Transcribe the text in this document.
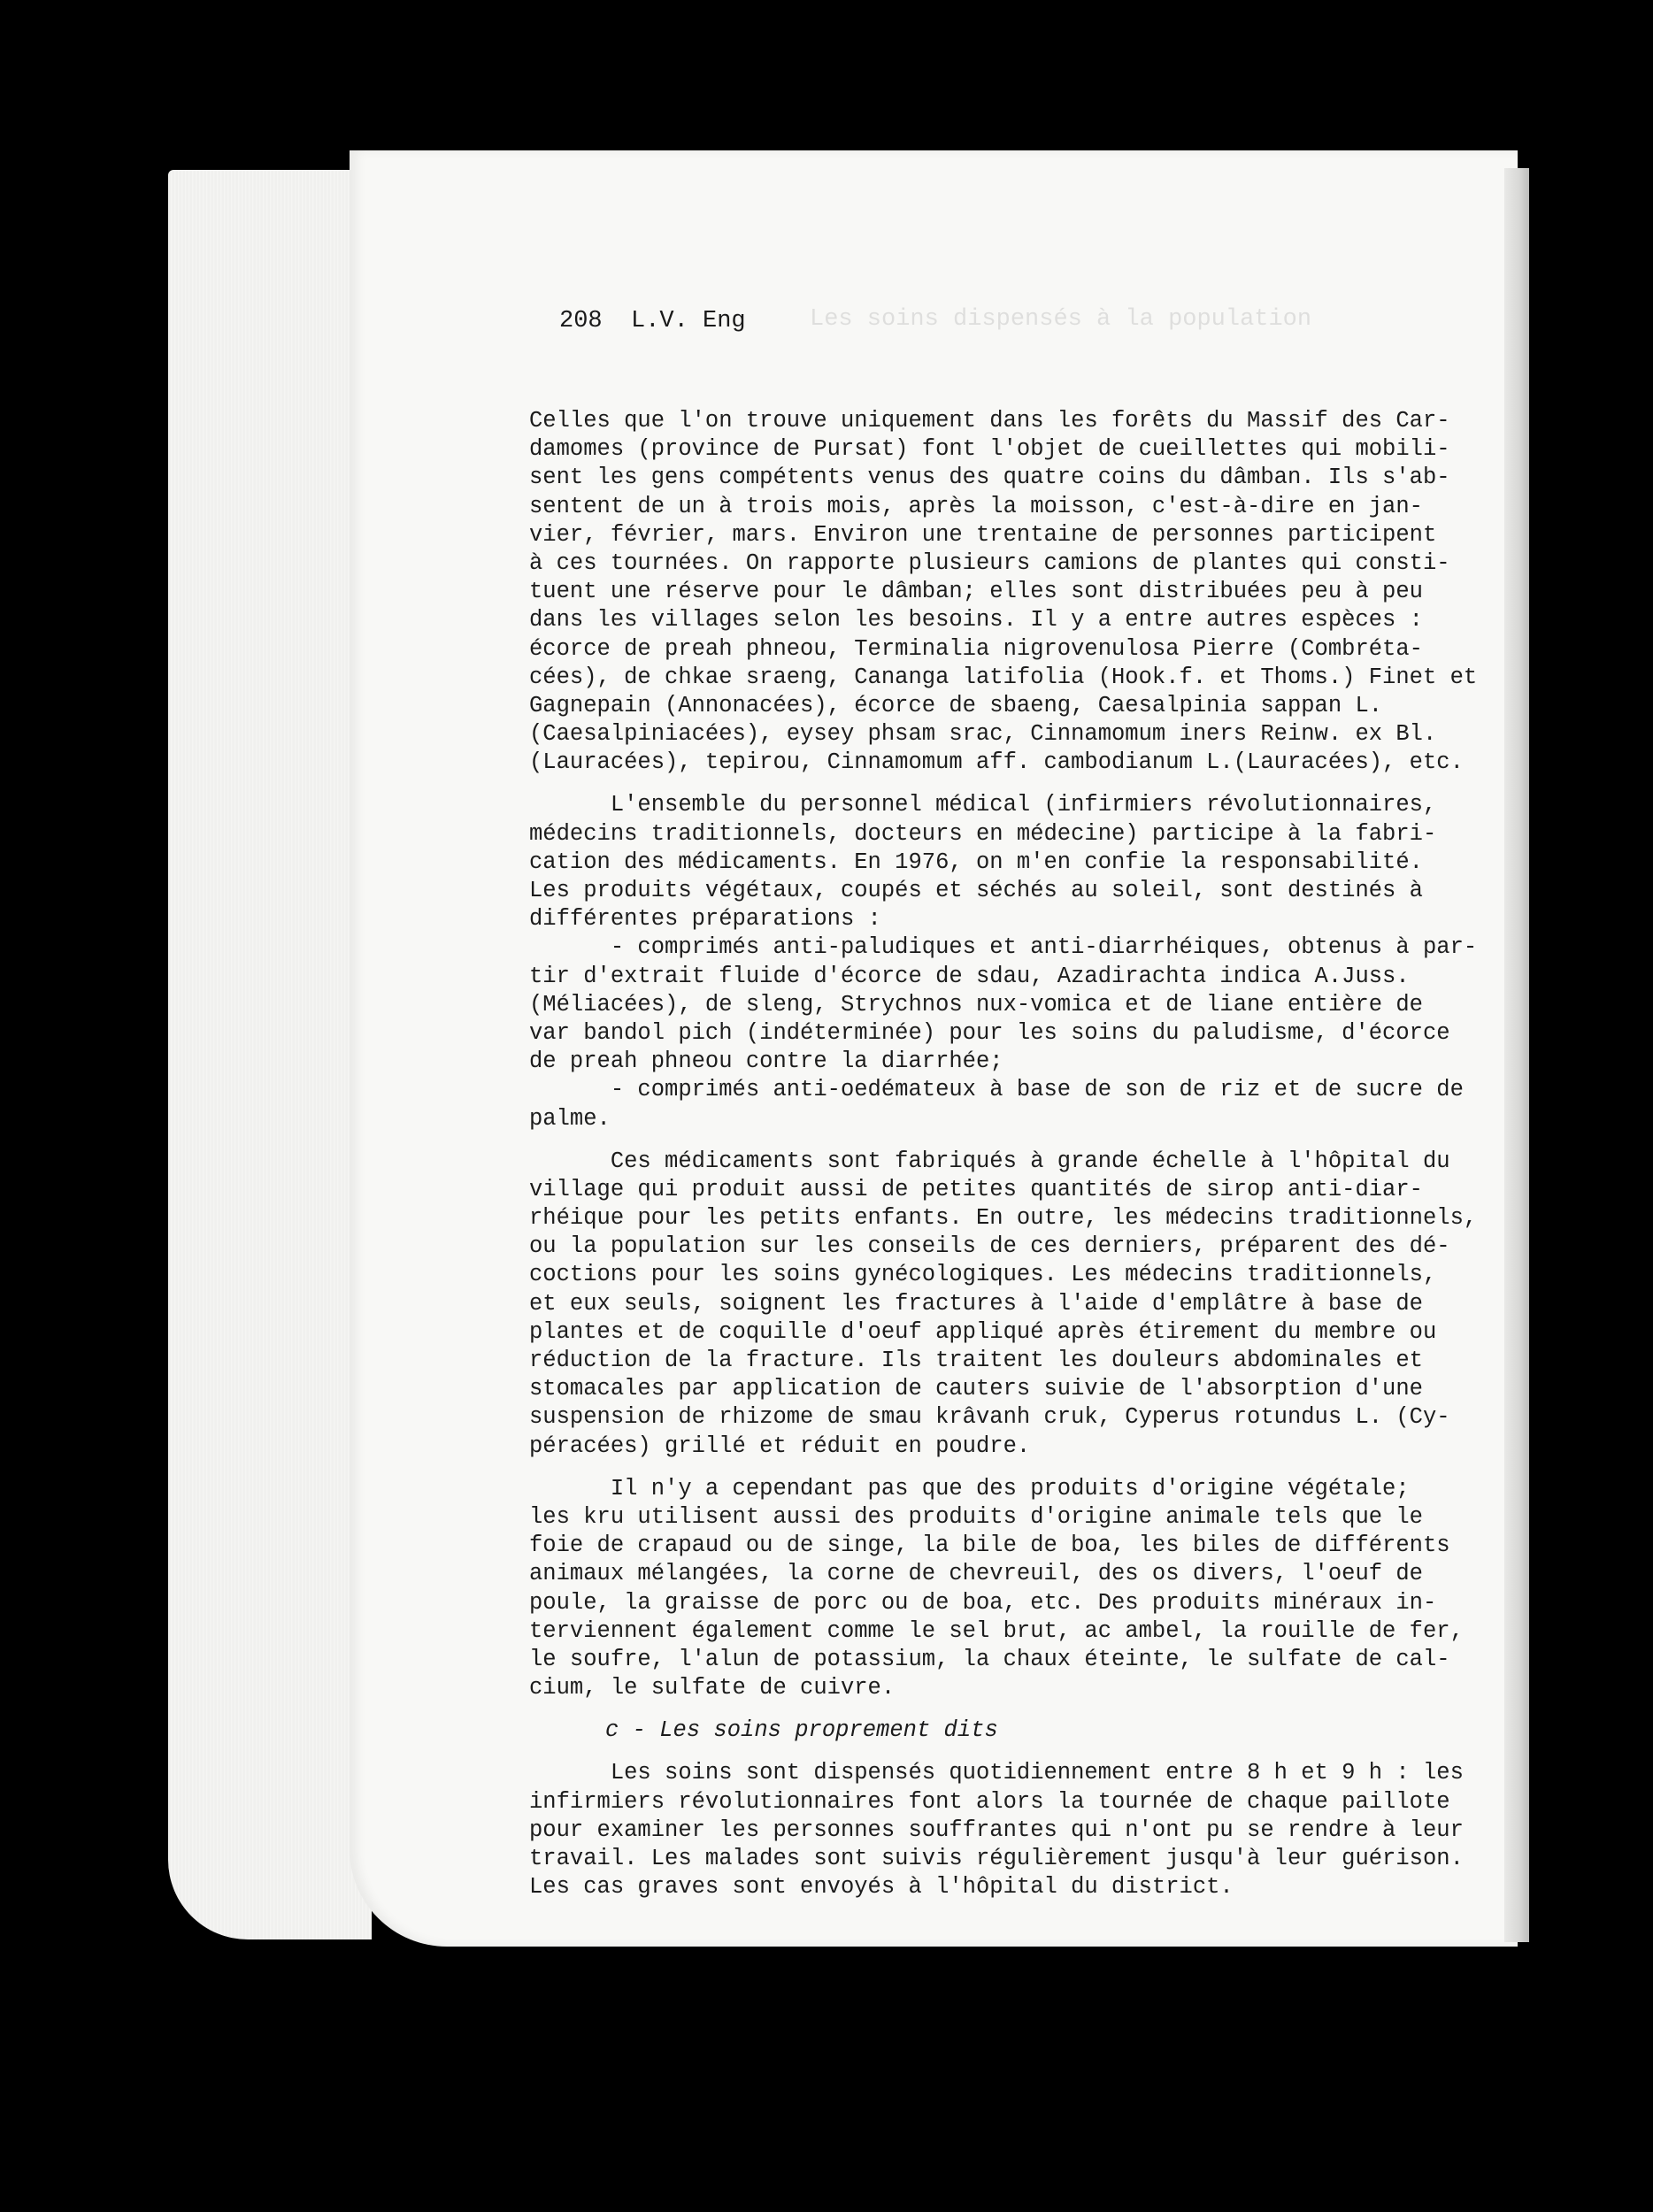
Les soins dispensés à la population
208 L.V. Eng
Celles que l'on trouve uniquement dans les forêts du Massif des Car-
damomes (province de Pursat) font l'objet de cueillettes qui mobili-
sent les gens compétents venus des quatre coins du dâmban. Ils s'ab-
sentent de un à trois mois, après la moisson, c'est-à-dire en jan-
vier, février, mars. Environ une trentaine de personnes participent
à ces tournées. On rapporte plusieurs camions de plantes qui consti-
tuent une réserve pour le dâmban; elles sont distribuées peu à peu
dans les villages selon les besoins. Il y a entre autres espèces :
écorce de preah phneou, Terminalia nigrovenulosa Pierre (Combréta-
cées), de chkae sraeng, Cananga latifolia (Hook.f. et Thoms.) Finet et
Gagnepain (Annonacées), écorce de sbaeng, Caesalpinia sappan L.
(Caesalpiniacées), eysey phsam srac, Cinnamomum iners Reinw. ex Bl.
(Lauracées), tepirou, Cinnamomum aff. cambodianum L.(Lauracées), etc.
L'ensemble du personnel médical (infirmiers révolutionnaires,
médecins traditionnels, docteurs en médecine) participe à la fabri-
cation des médicaments. En 1976, on m'en confie la responsabilité.
Les produits végétaux, coupés et séchés au soleil, sont destinés à
différentes préparations :
- comprimés anti-paludiques et anti-diarrhéiques, obtenus à par-
tir d'extrait fluide d'écorce de sdau, Azadirachta indica A.Juss.
(Méliacées), de sleng, Strychnos nux-vomica et de liane entière de
var bandol pich (indéterminée) pour les soins du paludisme, d'écorce
de preah phneou contre la diarrhée;
- comprimés anti-oedémateux à base de son de riz et de sucre de
palme.
Ces médicaments sont fabriqués à grande échelle à l'hôpital du
village qui produit aussi de petites quantités de sirop anti-diar-
rhéique pour les petits enfants. En outre, les médecins traditionnels,
ou la population sur les conseils de ces derniers, préparent des dé-
coctions pour les soins gynécologiques. Les médecins traditionnels,
et eux seuls, soignent les fractures à l'aide d'emplâtre à base de
plantes et de coquille d'oeuf appliqué après étirement du membre ou
réduction de la fracture. Ils traitent les douleurs abdominales et
stomacales par application de cauters suivie de l'absorption d'une
suspension de rhizome de smau krâvanh cruk, Cyperus rotundus L. (Cy-
péracées) grillé et réduit en poudre.
Il n'y a cependant pas que des produits d'origine végétale;
les kru utilisent aussi des produits d'origine animale tels que le
foie de crapaud ou de singe, la bile de boa, les biles de différents
animaux mélangées, la corne de chevreuil, des os divers, l'oeuf de
poule, la graisse de porc ou de boa, etc. Des produits minéraux in-
terviennent également comme le sel brut, ac ambel, la rouille de fer,
le soufre, l'alun de potassium, la chaux éteinte, le sulfate de cal-
cium, le sulfate de cuivre.
c - Les soins proprement dits
Les soins sont dispensés quotidiennement entre 8 h et 9 h : les
infirmiers révolutionnaires font alors la tournée de chaque paillote
pour examiner les personnes souffrantes qui n'ont pu se rendre à leur
travail. Les malades sont suivis régulièrement jusqu'à leur guérison.
Les cas graves sont envoyés à l'hôpital du district.
